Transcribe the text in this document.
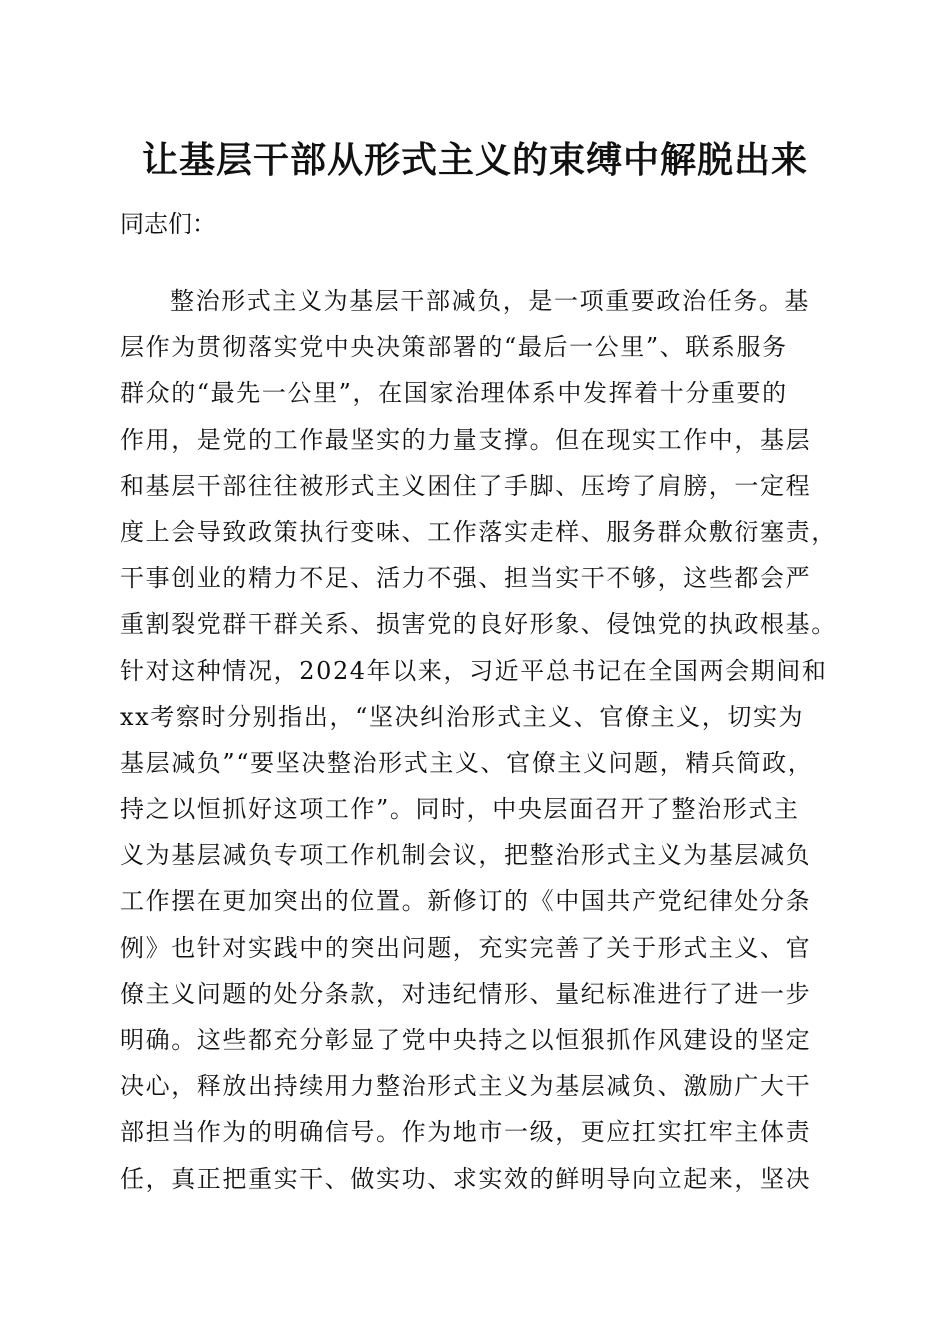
让基层干部从形式主义的束缚中解脱出来

同志们：

整治形式主义为基层干部减负，是一项重要政治任务。基
层作为贯彻落实党中央决策部署的“最后一公里”、联系服务
群众的“最先一公里”，在国家治理体系中发挥着十分重要的
作用，是党的工作最坚实的力量支撑。但在现实工作中，基层
和基层干部往往被形式主义困住了手脚、压垮了肩膀，一定程
度上会导致政策执行变味、工作落实走样、服务群众敷衍塞责，
干事创业的精力不足、活力不强、担当实干不够，这些都会严
重割裂党群干群关系、损害党的良好形象、侵蚀党的执政根基。
针对这种情况，2024年以来，习近平总书记在全国两会期间和
xx考察时分别指出，“坚决纠治形式主义、官僚主义，切实为
基层减负”“要坚决整治形式主义、官僚主义问题，精兵简政，
持之以恒抓好这项工作”。同时，中央层面召开了整治形式主
义为基层减负专项工作机制会议，把整治形式主义为基层减负
工作摆在更加突出的位置。新修订的《中国共产党纪律处分条
例》也针对实践中的突出问题，充实完善了关于形式主义、官
僚主义问题的处分条款，对违纪情形、量纪标准进行了进一步
明确。这些都充分彰显了党中央持之以恒狠抓作风建设的坚定
决心，释放出持续用力整治形式主义为基层减负、激励广大干
部担当作为的明确信号。作为地市一级，更应扛实扛牢主体责
任，真正把重实干、做实功、求实效的鲜明导向立起来，坚决
